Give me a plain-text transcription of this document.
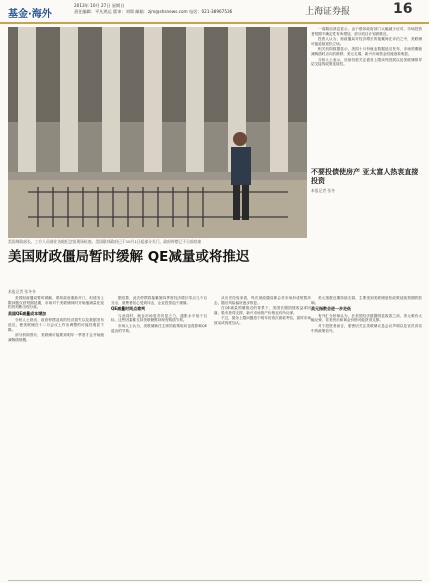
基金·海外
2013年 10月 27日 星期日
责任编辑：平凡鸿运 版审：刘郑 邮箱：zjm@shsnews.com 电话：021-38967536	上海证券报	16
美国财政部长、三方人员前往各地纪念馆现场检查。美国联邦政府已于10月1日起部分关门，政府停摆已于日前结束

一周期前消息显示，由于联邦政府部门大幅减少应对，市场投资者短期不确定性有所增加，部分项目计划被推迟。

投资人认为，财政僵局对经济增长的拖累尚在评估之中，美联储可能延续宽松立场。

相关机构数据显示，美国十月份就业数据延迟发布，市场预期缩减购债时点向后推移，美元走弱，新兴市场资金回流迹象明显。

分析人士表示，后续仍需关注债务上限谈判进展以及美联储领导层交接的政策连续性。

不要投债使房产 亚太富人热衷直接投资
本报记者 张冬
美国财政僵局暂时缓解 QE减量或将推迟
本报记者 张冬冬

美国财政僵局暂时缓解，联邦政府重新开门，但债务上限问题仅获短期延期，市场对于美联储何时开始缩减量化宽松的判断出现分歧。

美国QE减量成本增加

分析人士指出，政府停摆造成的经济损失以及数据发布延迟，使美联储在十二月会议上作出调整的可能性明显下降。

部分机构预计，美联储可能要到明年一季度才会开始缩减购债规模。

据估算，此次停摆将拖累第四季度经济增长零点几个百分点，消费者信心受到冲击，企业投资趋于谨慎。

QE减量时间点难判

与此同时，就业市场复苏仍显乏力，通胀水平低于目标，这些因素都支持美联储维持现有购债节奏。

市场人士认为，美联储新任主席的政策取向也将影响QE退出的节奏。

从历史经验来看，每次财政僵局都会对市场形成短暂冲击，随后风险偏好逐步恢复。

在QE减量预期推迟的背景下，美国长期国债收益率回落，股市获得支撑，新兴市场资产价格也有所反弹。

不过，债务上限问题将于明年初再次面临考验，届时市场波动或再度加大。

美元指数近期持续走弱，主要受到美联储宽松政策延续预期的影响。

美元指数会进一步走低

有外汇分析师认为，在美国经济数据明显改善之前，美元难有大幅反弹，非美货币和黄金价格可能获得支撑。

对于投资者而言，需密切关注美联储议息会议声明以及官员讲话中的政策信号。
